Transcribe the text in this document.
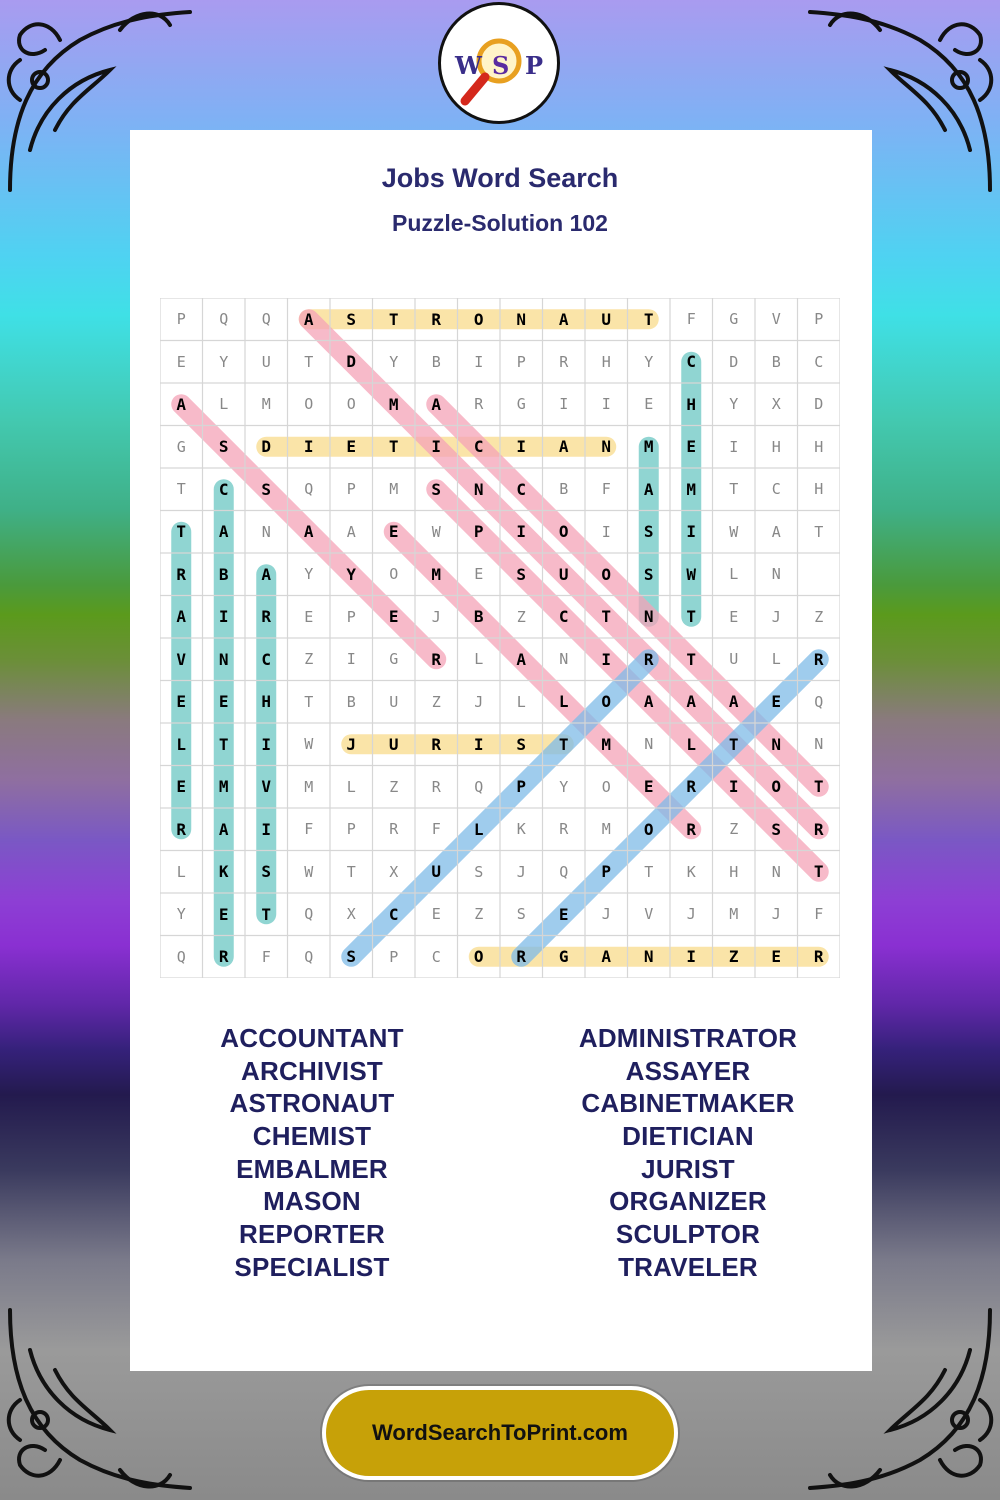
W S P
Jobs Word Search
Puzzle-Solution 102
P	Q	Q	A	S	T	R	O	N	A	U	T	F	G	V	P
E	Y	U	T	D	Y	B	I	P	R	H	Y	C	D	B	C
A	L	M	O	O	M	A	R	G	I	I	E	H	Y	X	D
G	S	D	I	E	T	I	C	I	A	N	M	E	I	H	H
T	C	S	Q	P	M	S	N	C	B	F	A	M	T	C	H
T	A	N	A	A	E	W	P	I	O	I	S	I	W	A	T
R	B	A	Y	Y	O	M	E	S	U	O	S	W	L	N
A	I	R	E	P	E	J	B	Z	C	T	N	T	E	J	Z
V	N	C	Z	I	G	R	L	A	N	I	R	T	U	L	R
E	E	H	T	B	U	Z	J	L	L	O	A	A	A	E	Q
L	T	I	W	J	U	R	I	S	T	M	N	L	T	N	N
E	M	V	M	L	Z	R	Q	P	Y	O	E	R	I	O	T
R	A	I	F	P	R	F	L	K	R	M	O	R	Z	S	R
L	K	S	W	T	X	U	S	J	Q	P	T	K	H	N	T
Y	E	T	Q	X	C	E	Z	S	E	J	V	J	M	J	F
Q	R	F	Q	S	P	C	O	R	G	A	N	I	Z	E	R
ACCOUNTANT
ARCHIVIST
ASTRONAUT
CHEMIST
EMBALMER
MASON
REPORTER
SPECIALIST
ADMINISTRATOR
ASSAYER
CABINETMAKER
DIETICIAN
JURIST
ORGANIZER
SCULPTOR
TRAVELER
WordSearchToPrint.com
